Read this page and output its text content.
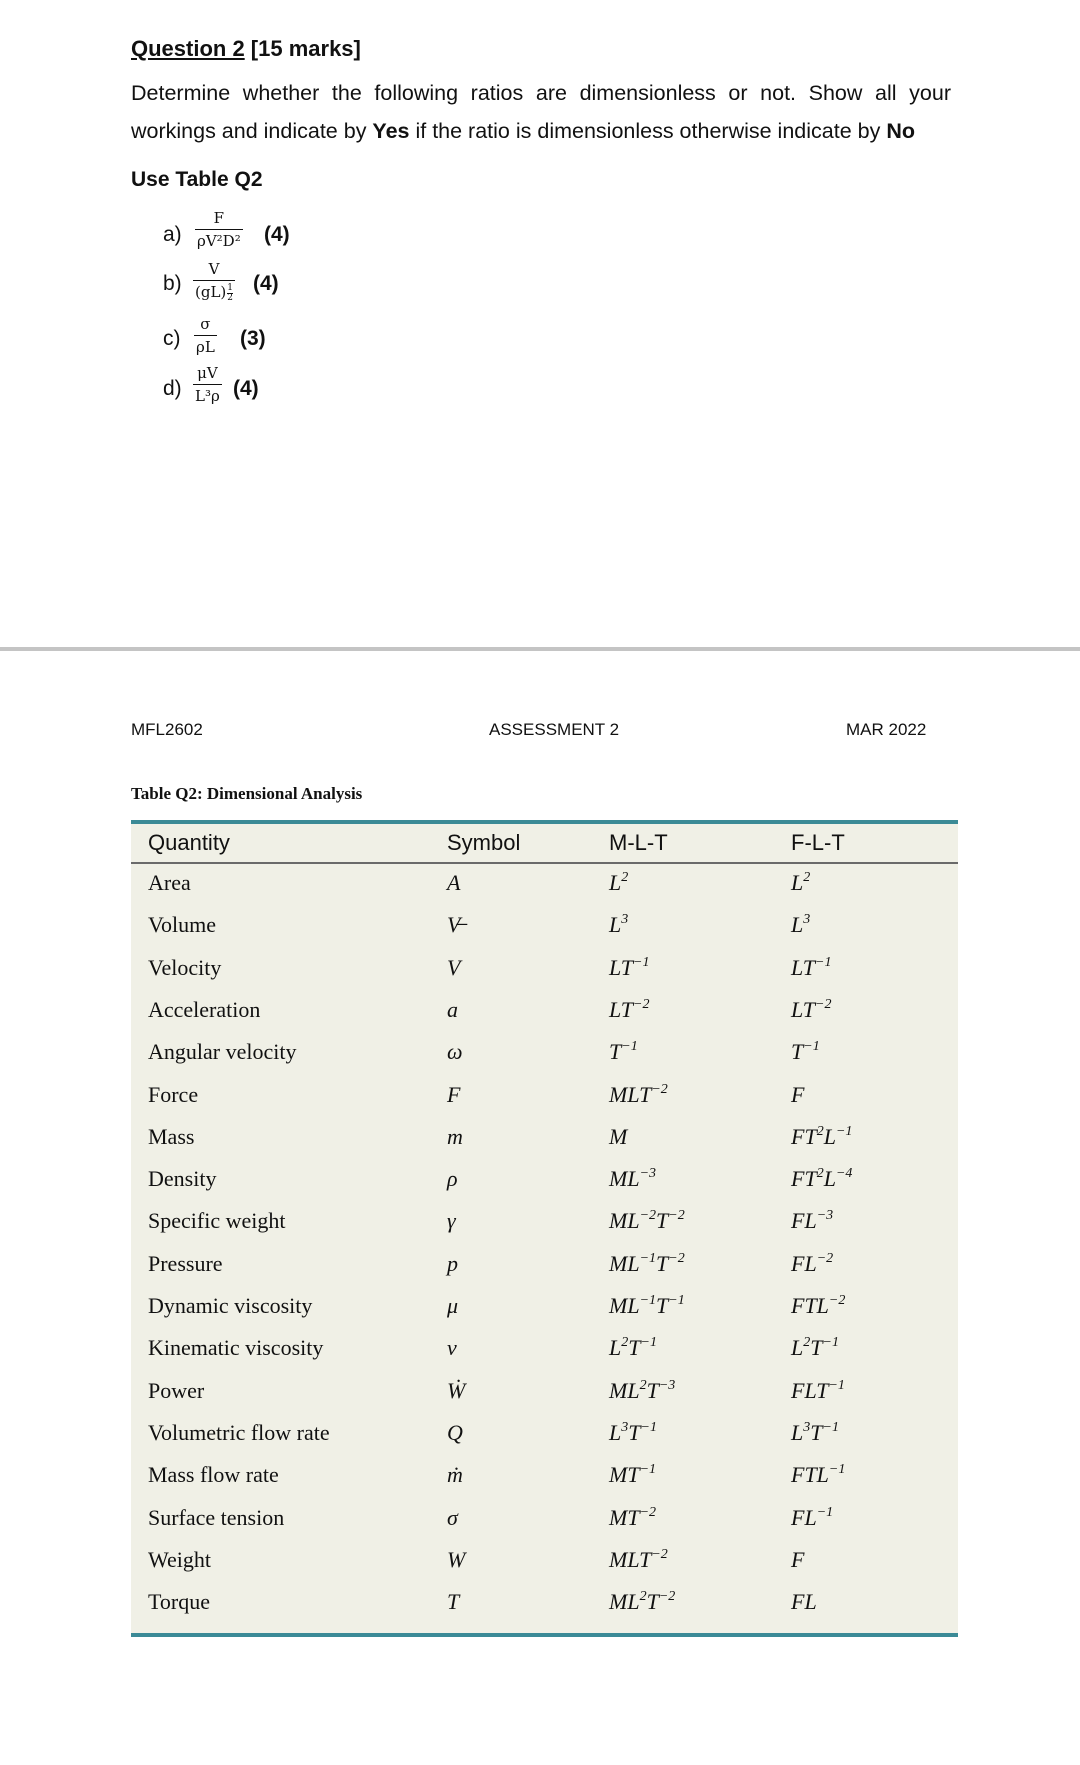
Question 2 [15 marks]
Determine whether the following ratios are dimensionless or not. Show all your workings and indicate by Yes if the ratio is dimensionless otherwise indicate by No
Use Table Q2
$a) \frac{F}{\text{ρV²D²}} (4)$
$b) \frac{V}{(gL) \frac{1}{2}} (4)$
$c) \frac{\sigma}{\rho L} (3)$
$d) \frac{\mu V}{\text{L³ρ}} (4)$
MFL2602	ASSESSMENT 2	MAR 2022
Table Q2: Dimensional Analysis
Quantity	Symbol	M-L-T	F-L-T
Area	A	$L^2$	$L^2$
Volume	V̶	$L^3$	$L^3$
Velocity	V	$LT^{-1}$	$LT^{-1}$
Acceleration	a	$LT^{-2}$	$LT^{-2}$
Angular velocity	ω	$T^{-1}$	$T^{-1}$
Force	F	$MLT^{-2}$	F
Mass	m	M	$FT^2L^{-1}$
Density	ρ	$ML^{-3}$	$FT^2L^{-4}$
Specific weight	γ	$ML^{-2}T^{-2}$	$FL^{-3}$
Pressure	p	$ML^{-1}T^{-2}$	$FL^{-2}$
Dynamic viscosity	μ	$ML^{-1}T^{-1}$	$FTL^{-2}$
Kinematic viscosity	ν	$L^2T^{-1}$	$L^2T^{-1}$
Power	Ẇ	$ML^2T^{-3}$	$FLT^{-1}$
Volumetric flow rate	Q	$L^3T^{-1}$	$L^3T^{-1}$
Mass flow rate	ṁ	$MT^{-1}$	$FTL^{-1}$
Surface tension	σ	$MT^{-2}$	$FL^{-1}$
Weight	W	$MLT^{-2}$	F
Torque	T	$ML^2T^{-2}$	FL
